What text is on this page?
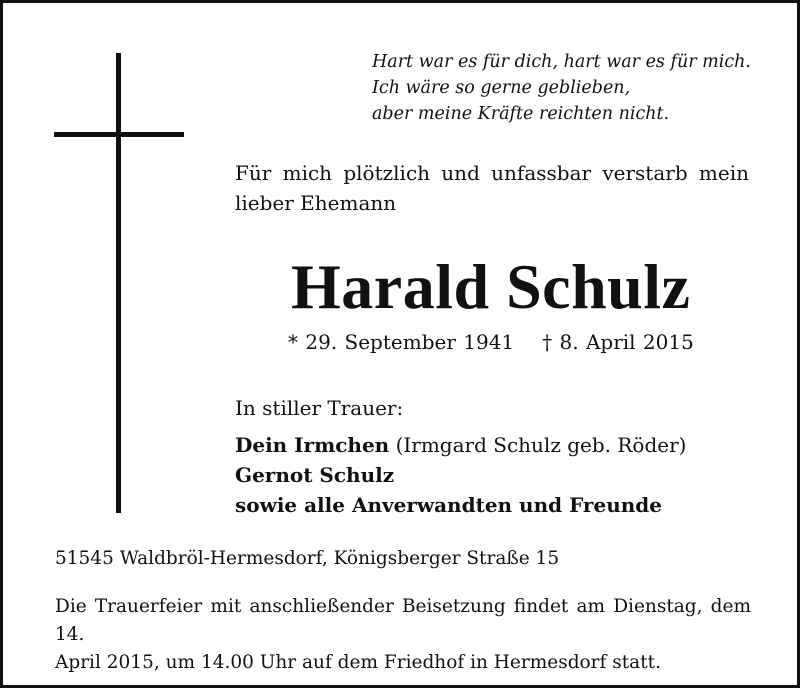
Hart war es für dich, hart war es für mich.

Ich wäre so gerne geblieben,

aber meine Kräfte reichten nicht.

Für mich plötzlich und unfassbar verstarb mein
lieber Ehemann

Harald Schulz

* 29. September 1941 † 8. April 2015

In stiller Trauer:

Dein Irmchen (Irmgard Schulz geb. Röder)

Gernot Schulz

sowie alle Anverwandten und Freunde

51545 Waldbröl-Hermesdorf, Königsberger Straße 15

Die Trauerfeier mit anschließender Beisetzung findet am Dienstag, dem 14.
April 2015, um 14.00 Uhr auf dem Friedhof in Hermesdorf statt.
